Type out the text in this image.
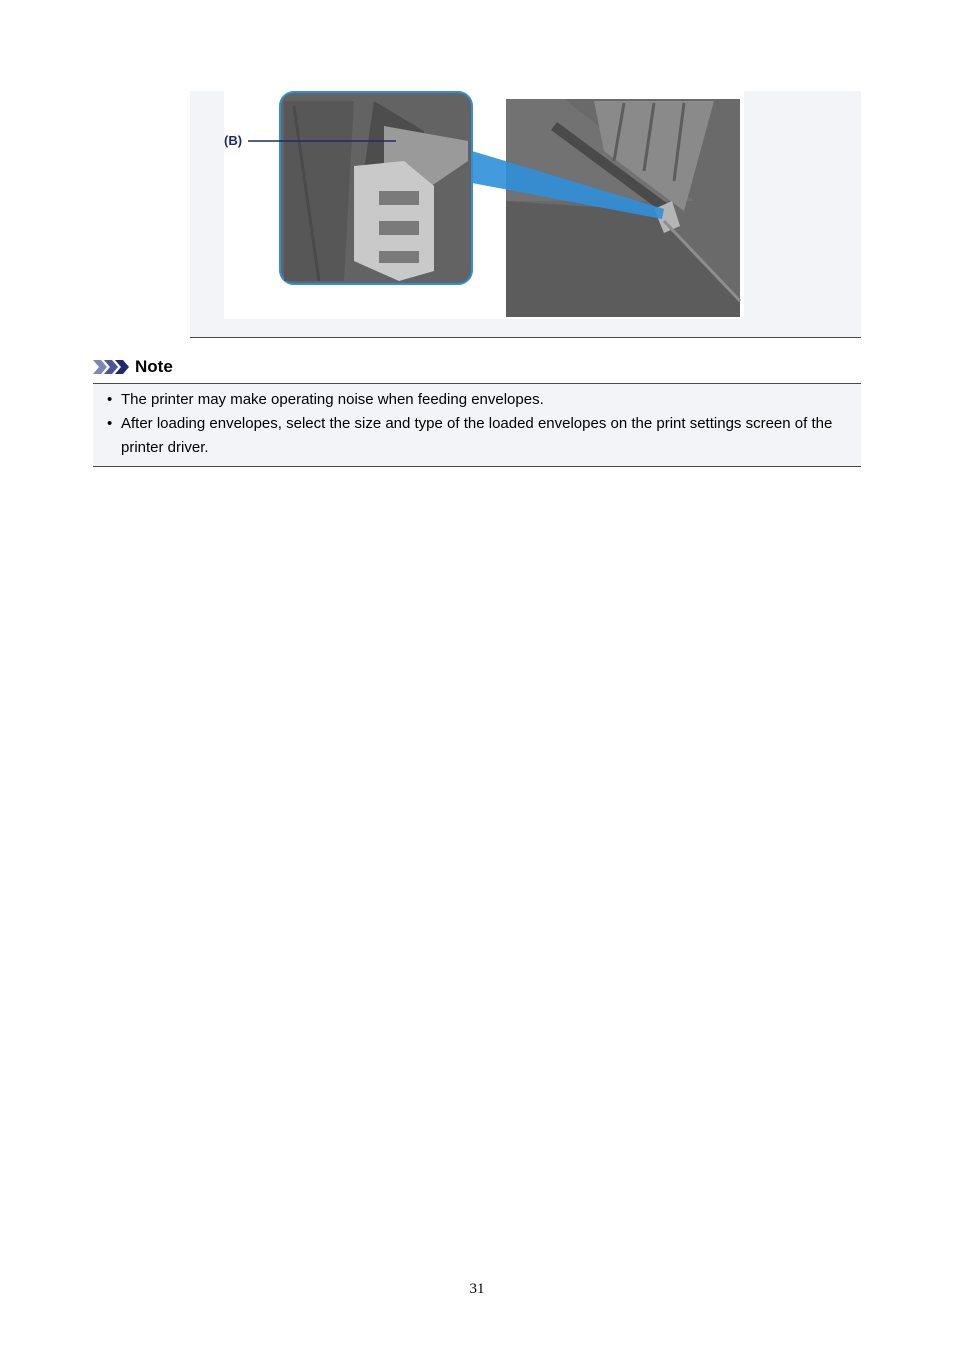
(B)
Note
• The printer may make operating noise when feeding envelopes.
• After loading envelopes, select the size and type of the loaded envelopes on the print settings screen of the printer driver.
31
